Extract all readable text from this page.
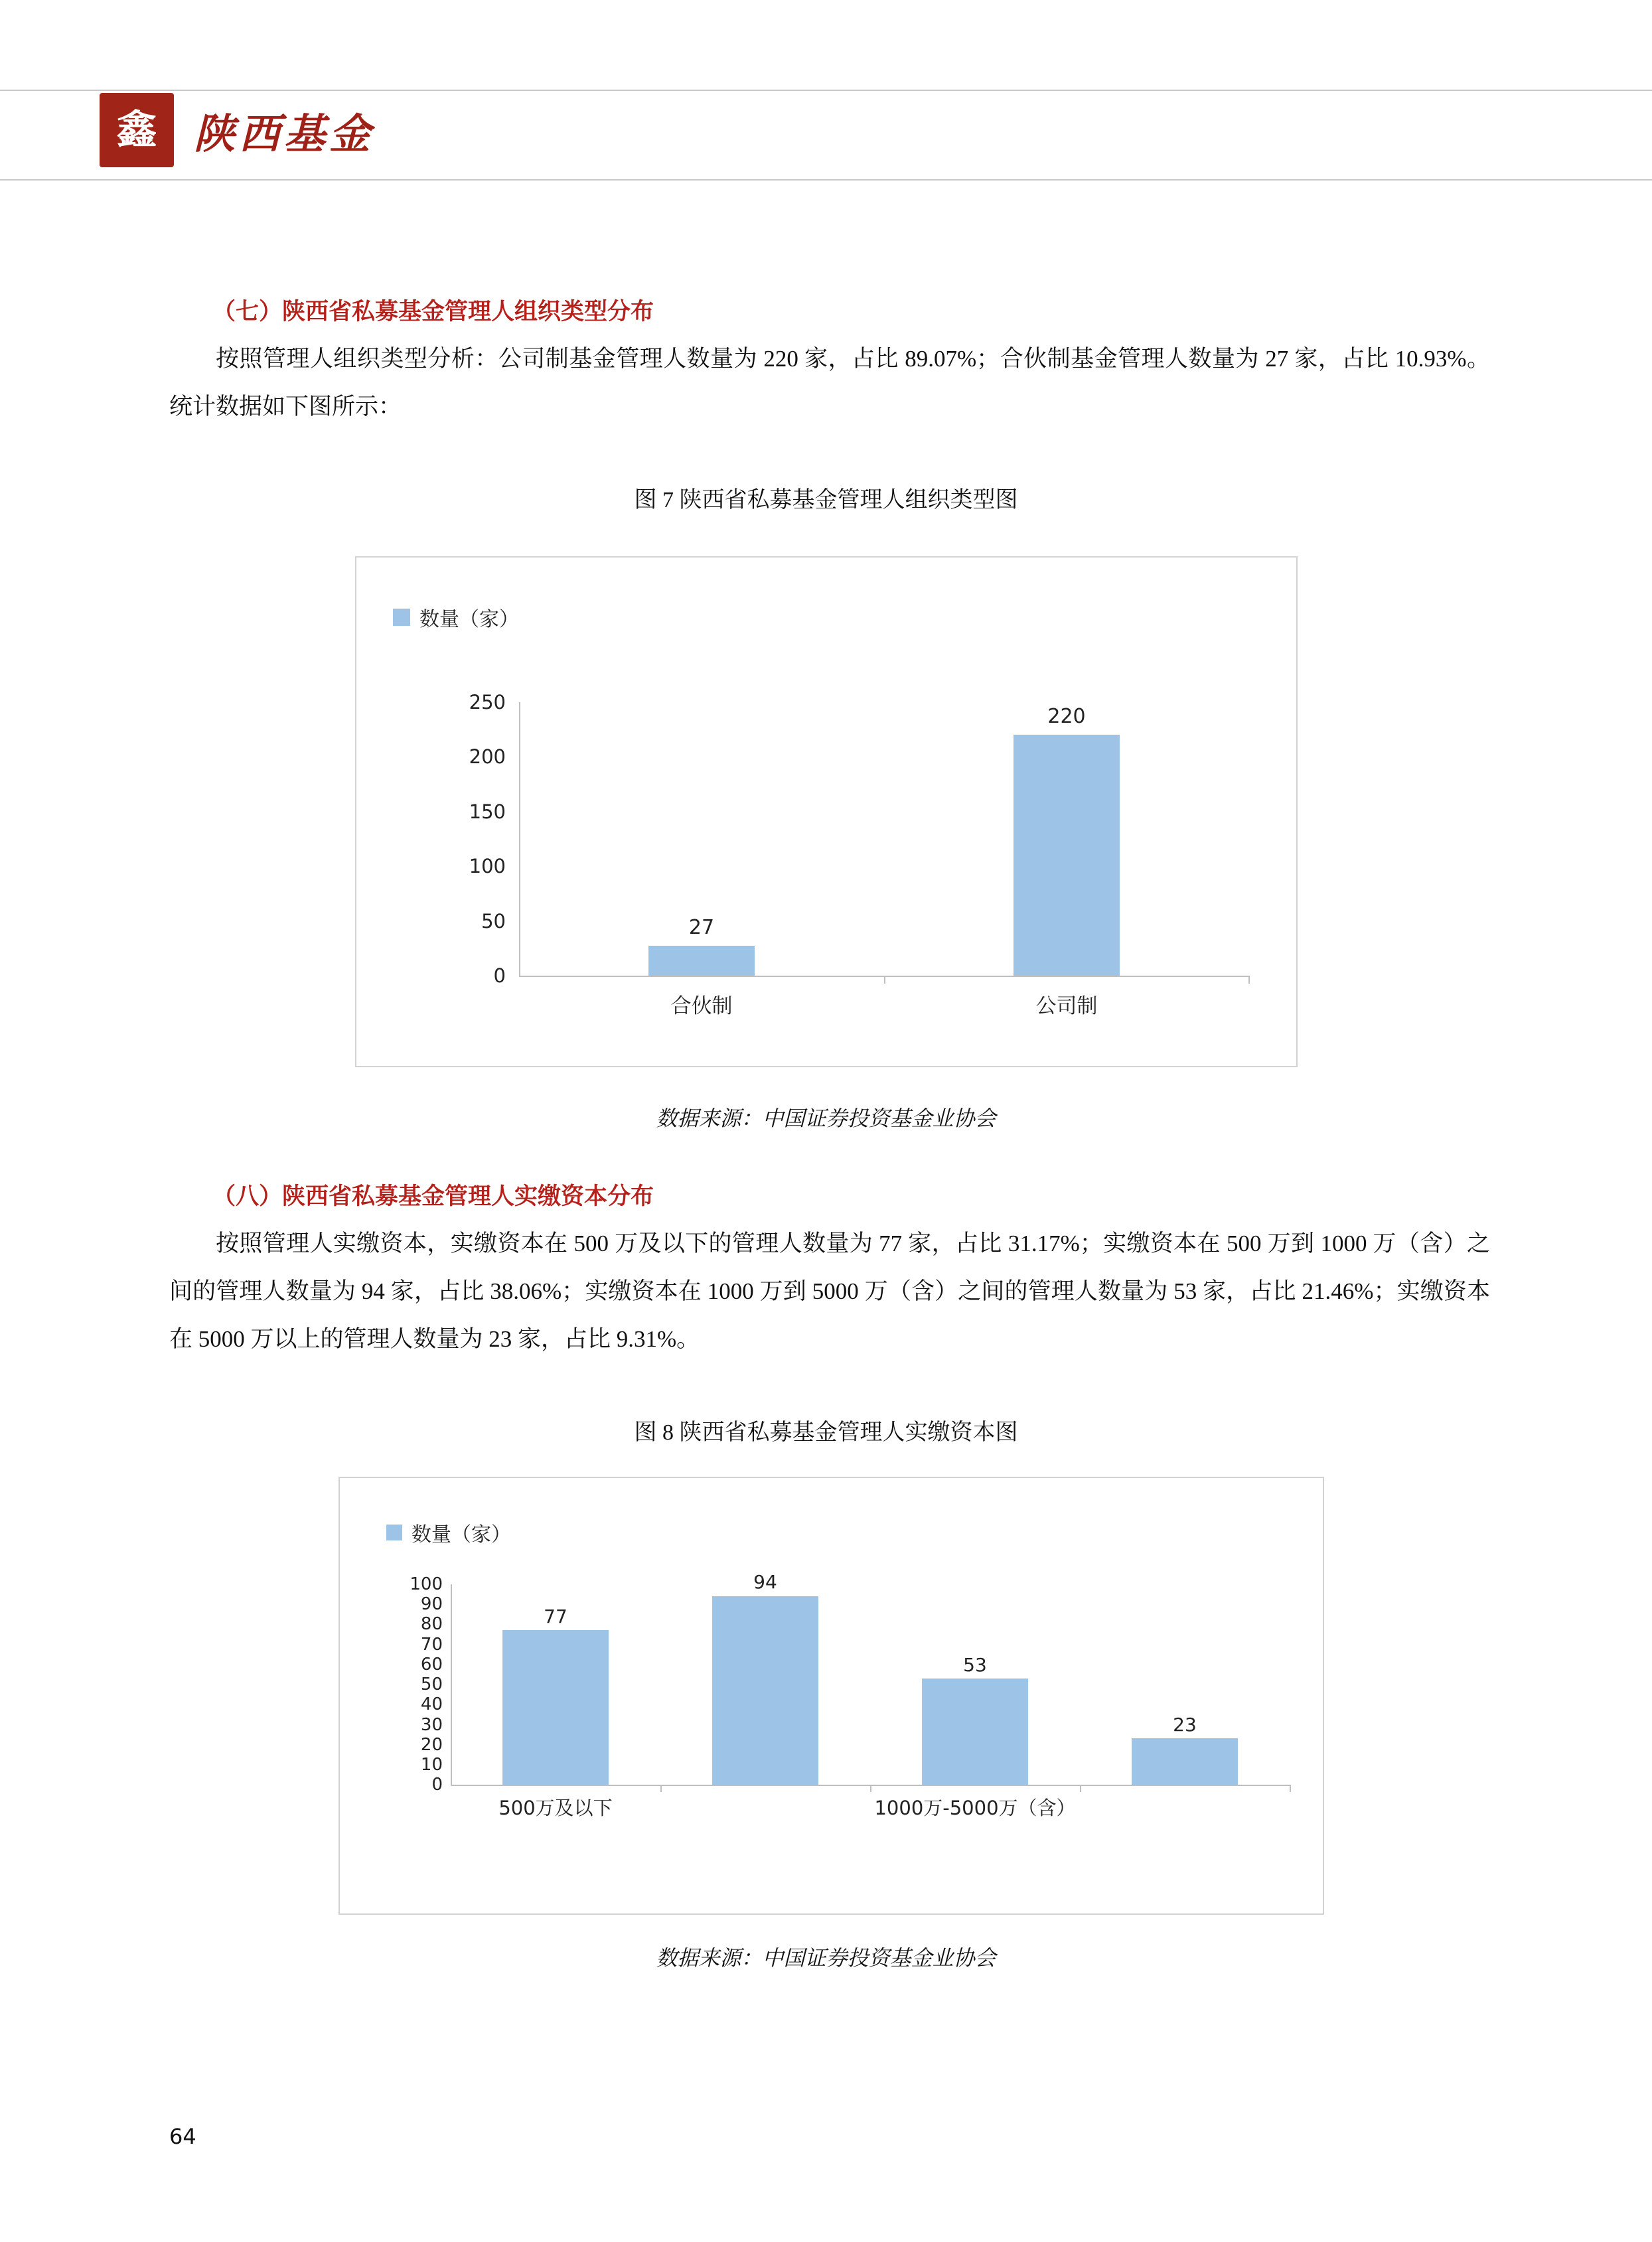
鑫 陕西基金
（七）陕西省私募基金管理人组织类型分布
按照管理人组织类型分析：公司制基金管理人数量为 220 家，占比 89.07%；合伙制基金管理人数量为 27 家，占比 10.93%。统计数据如下图所示：
图 7 陕西省私募基金管理人组织类型图
数量（家）
250
200
150
100
50
0
27
220
合伙制	公司制
数据来源：中国证券投资基金业协会
（八）陕西省私募基金管理人实缴资本分布
按照管理人实缴资本，实缴资本在 500 万及以下的管理人数量为 77 家，占比 31.17%；实缴资本在 500 万到 1000 万（含）之间的管理人数量为 94 家，占比 38.06%；实缴资本在 1000 万到 5000 万（含）之间的管理人数量为 53 家，占比 21.46%；实缴资本在 5000 万以上的管理人数量为 23 家，占比 9.31%。
图 8 陕西省私募基金管理人实缴资本图
数量（家）
100
90
80
70
60
50
40
30
20
10
0
77
94
53
23
500万及以下	1000万-5000万（含）
数据来源：中国证券投资基金业协会
64
